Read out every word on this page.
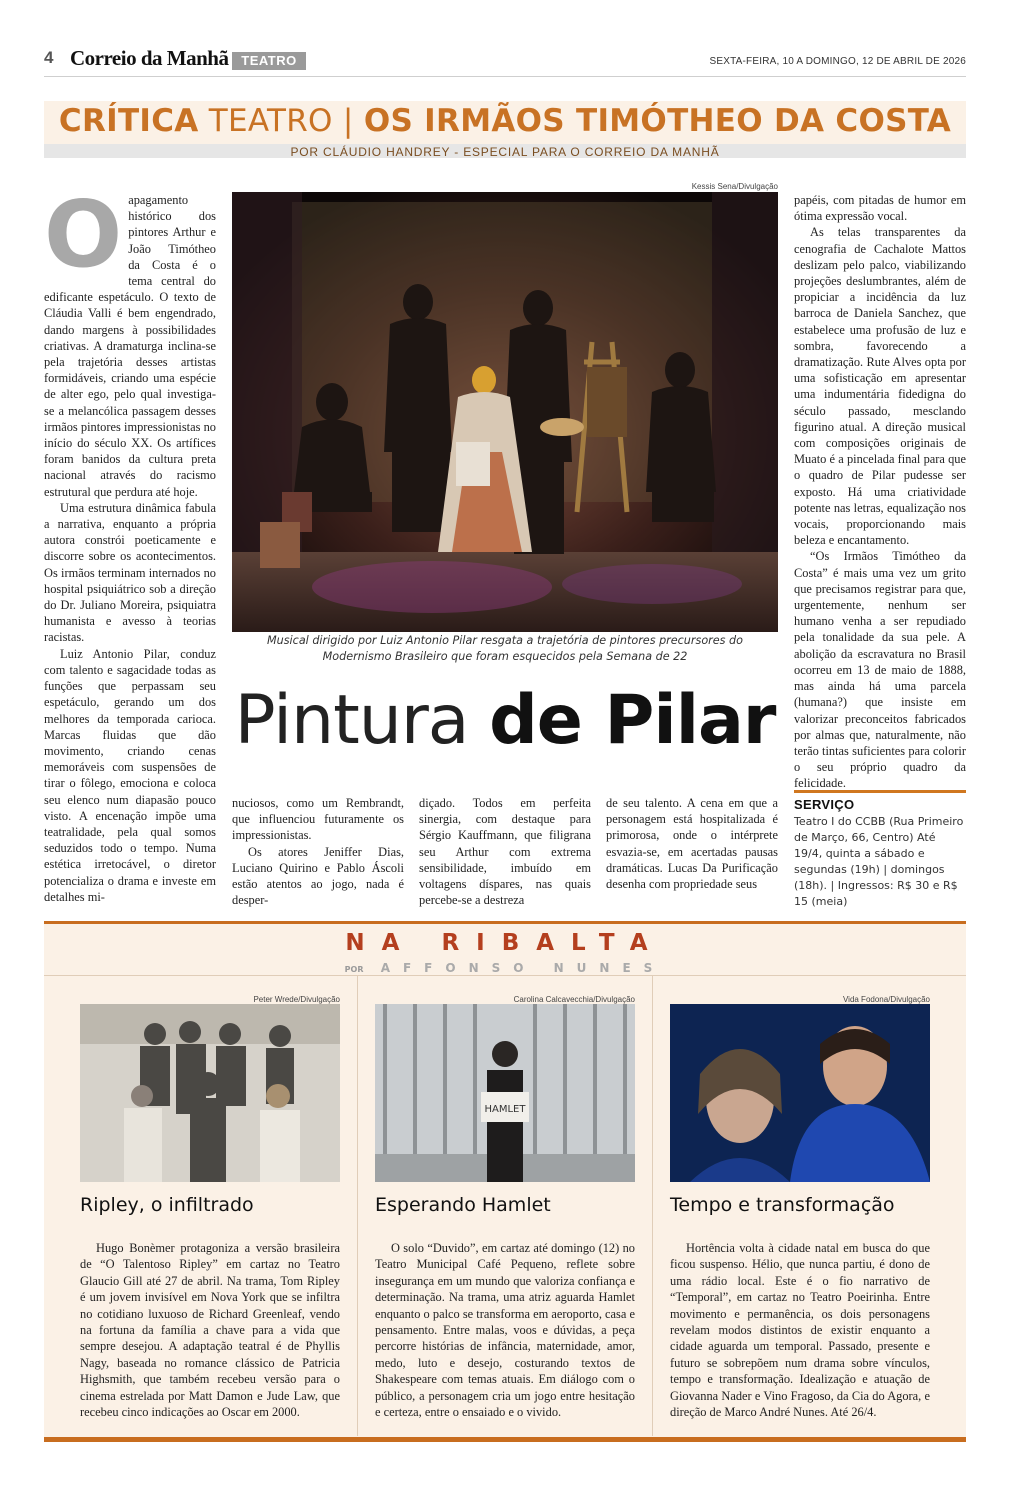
4 Correio da Manhã TEATRO	SEXTA-FEIRA, 10 A DOMINGO, 12 DE ABRIL DE 2026
CRÍTICA TEATRO | OS IRMÃOS TIMÓTHEO DA COSTA
POR CLÁUDIO HANDREY - ESPECIAL PARA O CORREIO DA MANHÃ
O apagamento histórico dos pintores Arthur e João Timótheo da Costa é o tema central do edificante espetáculo. O texto de Cláudia Valli é bem engendrado, dando margens à possibilidades criativas. A dramaturga inclina-se pela trajetória desses artistas formidáveis, criando uma espécie de alter ego, pelo qual investiga-se a melancólica passagem desses irmãos pintores impressionistas no início do século XX. Os artífices foram banidos da cultura preta nacional através do racismo estrutural que perdura até hoje.

Uma estrutura dinâmica fabula a narrativa, enquanto a própria autora constrói poeticamente e discorre sobre os acontecimentos. Os irmãos terminam internados no hospital psiquiátrico sob a direção do Dr. Juliano Moreira, psiquiatra humanista e avesso à teorias racistas.

Luiz Antonio Pilar, conduz com talento e sagacidade todas as funções que perpassam seu espetáculo, gerando um dos melhores da temporada carioca. Marcas fluidas que dão movimento, criando cenas memoráveis com suspensões de tirar o fôlego, emociona e coloca seu elenco num diapasão pouco visto. A encenação impõe uma teatralidade, pela qual somos seduzidos todo o tempo. Numa estética irretocável, o diretor potencializa o drama e investe em detalhes mi-

Kessis Sena/Divulgação
Musical dirigido por Luiz Antonio Pilar resgata a trajetória de pintores precursores do Modernismo Brasileiro que foram esquecidos pela Semana de 22
Pintura de Pilar

nuciosos, como um Rembrandt, que influenciou futuramente os impressionistas.

Os atores Jeniffer Dias, Luciano Quirino e Pablo Áscoli estão atentos ao jogo, nada é desper-

diçado. Todos em perfeita sinergia, com destaque para Sérgio Kauffmann, que filigrana seu Arthur com extrema sensibilidade, imbuído em voltagens díspares, nas quais percebe-se a destreza

de seu talento. A cena em que a personagem está hospitalizada é primorosa, onde o intérprete esvazia-se, em acertadas pausas dramáticas. Lucas Da Purificação desenha com propriedade seus

papéis, com pitadas de humor em ótima expressão vocal.

As telas transparentes da cenografia de Cachalote Mattos deslizam pelo palco, viabilizando projeções deslumbrantes, além de propiciar a incidência da luz barroca de Daniela Sanchez, que estabelece uma profusão de luz e sombra, favorecendo a dramatização. Rute Alves opta por uma sofisticação em apresentar uma indumentária fidedigna do século passado, mesclando figurino atual. A direção musical com composições originais de Muato é a pincelada final para que o quadro de Pilar pudesse ser exposto. Há uma criatividade potente nas letras, equalização nos vocais, proporcionando mais beleza e encantamento.

“Os Irmãos Timótheo da Costa” é mais uma vez um grito que precisamos registrar para que, urgentemente, nenhum ser humano venha a ser repudiado pela tonalidade da sua pele. A abolição da escravatura no Brasil ocorreu em 13 de maio de 1888, mas ainda há uma parcela (humana?) que insiste em valorizar preconceitos fabricados por almas que, naturalmente, não terão tintas suficientes para colorir o seu próprio quadro da felicidade.

SERVIÇO
Teatro I do CCBB (Rua Primeiro de Março, 66, Centro) Até 19/4, quinta a sábado e segundas (19h) | domingos (18h). | Ingressos: R$ 30 e R$ 15 (meia)
NA RIBALTA
POR AFFONSO NUNES
Peter Wrede/Divulgação
Ripley, o infiltrado
Hugo Bonèmer protagoniza a versão brasileira de “O Talentoso Ripley” em cartaz no Teatro Glaucio Gill até 27 de abril. Na trama, Tom Ripley é um jovem invisível em Nova York que se infiltra no cotidiano luxuoso de Richard Greenleaf, vendo na fortuna da família a chave para a vida que sempre desejou. A adaptação teatral é de Phyllis Nagy, baseada no romance clássico de Patricia Highsmith, que também recebeu versão para o cinema estrelada por Matt Damon e Jude Law, que recebeu cinco indicações ao Oscar em 2000.
Carolina Calcavecchia/Divulgação
HAMLET
Esperando Hamlet
O solo “Duvido”, em cartaz até domingo (12) no Teatro Municipal Café Pequeno, reflete sobre insegurança em um mundo que valoriza confiança e determinação. Na trama, uma atriz aguarda Hamlet enquanto o palco se transforma em aeroporto, casa e pensamento. Entre malas, voos e dúvidas, a peça percorre histórias de infância, maternidade, amor, medo, luto e desejo, costurando textos de Shakespeare com temas atuais. Em diálogo com o público, a personagem cria um jogo entre hesitação e certeza, entre o ensaiado e o vivido.
Vida Fodona/Divulgação
Tempo e transformação
Hortência volta à cidade natal em busca do que ficou suspenso. Hélio, que nunca partiu, é dono de uma rádio local. Este é o fio narrativo de “Temporal”, em cartaz no Teatro Poeirinha. Entre movimento e permanência, os dois personagens revelam modos distintos de existir enquanto a cidade aguarda um temporal. Passado, presente e futuro se sobrepõem num drama sobre vínculos, tempo e transformação. Idealização e atuação de Giovanna Nader e Vino Fragoso, da Cia do Agora, e direção de Marco André Nunes. Até 26/4.
